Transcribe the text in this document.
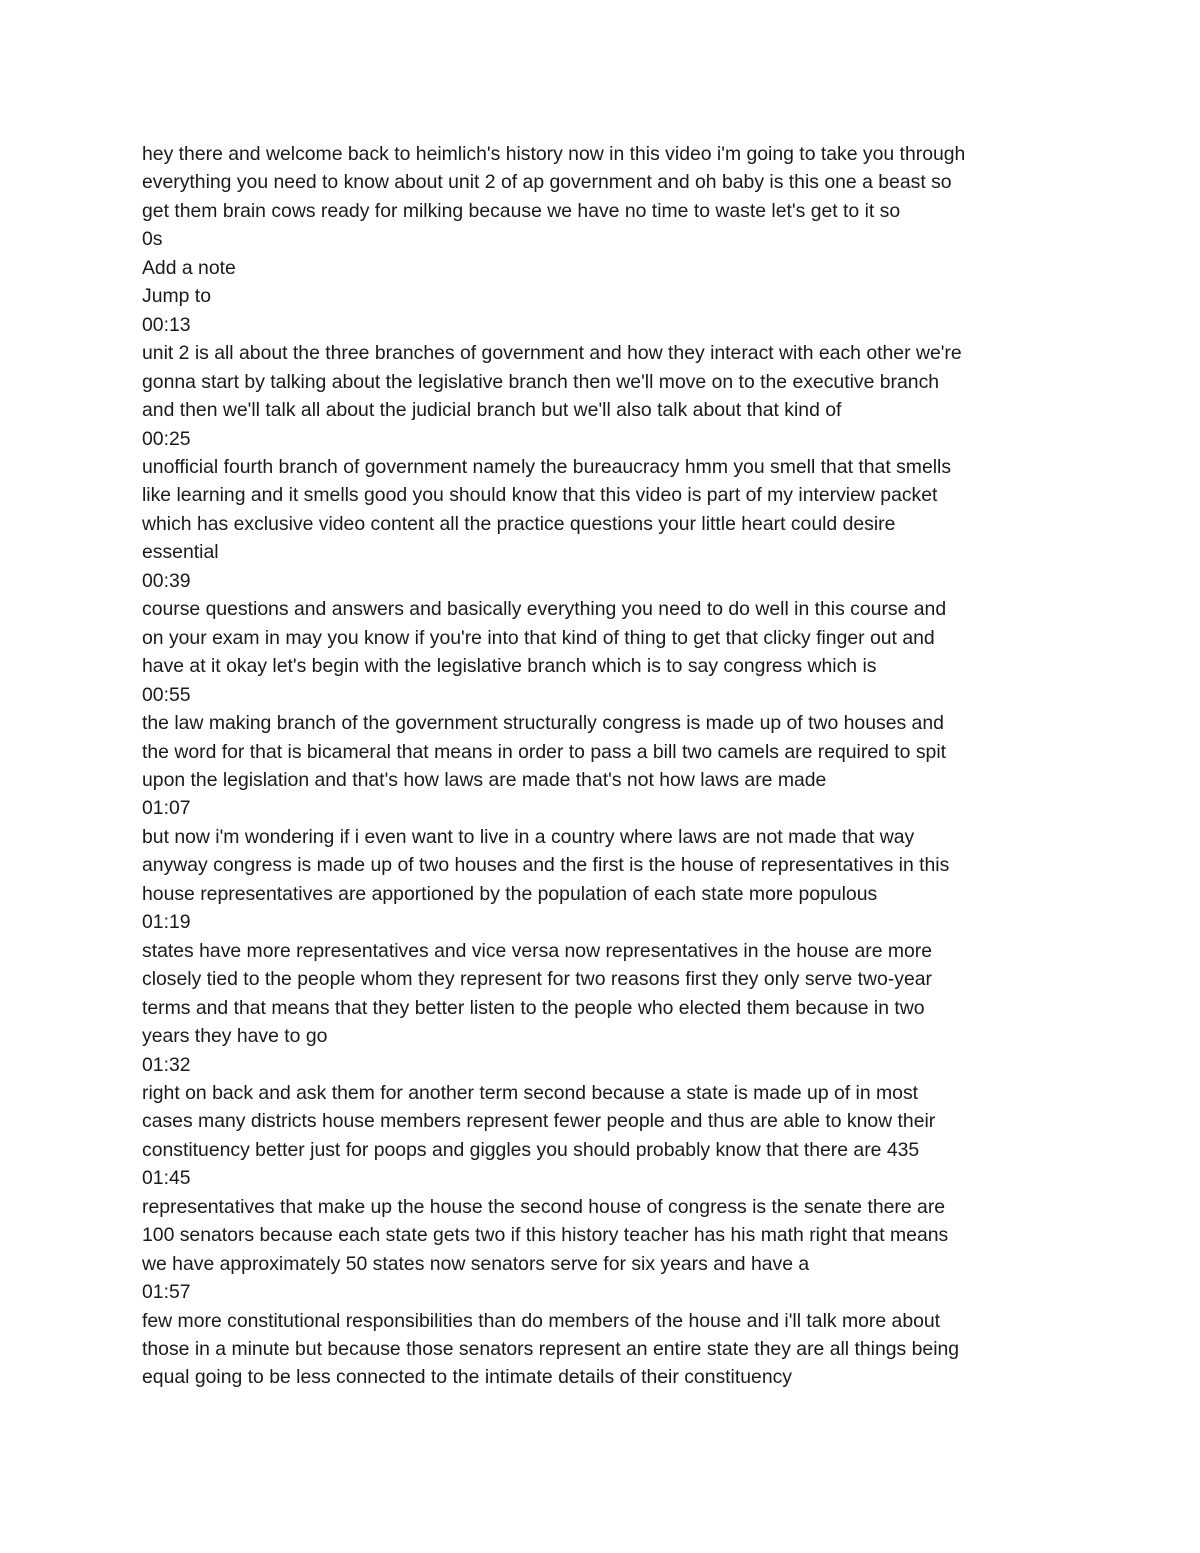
hey there and welcome back to heimlich's history now in this video i'm going to take you through
everything you need to know about unit 2 of ap government and oh baby is this one a beast so
get them brain cows ready for milking because we have no time to waste let's get to it so
0s
Add a note
Jump to
00:13
unit 2 is all about the three branches of government and how they interact with each other we're
gonna start by talking about the legislative branch then we'll move on to the executive branch
and then we'll talk all about the judicial branch but we'll also talk about that kind of
00:25
unofficial fourth branch of government namely the bureaucracy hmm you smell that that smells
like learning and it smells good you should know that this video is part of my interview packet
which has exclusive video content all the practice questions your little heart could desire
essential
00:39
course questions and answers and basically everything you need to do well in this course and
on your exam in may you know if you're into that kind of thing to get that clicky finger out and
have at it okay let's begin with the legislative branch which is to say congress which is
00:55
the law making branch of the government structurally congress is made up of two houses and
the word for that is bicameral that means in order to pass a bill two camels are required to spit
upon the legislation and that's how laws are made that's not how laws are made
01:07
but now i'm wondering if i even want to live in a country where laws are not made that way
anyway congress is made up of two houses and the first is the house of representatives in this
house representatives are apportioned by the population of each state more populous
01:19
states have more representatives and vice versa now representatives in the house are more
closely tied to the people whom they represent for two reasons first they only serve two-year
terms and that means that they better listen to the people who elected them because in two
years they have to go
01:32
right on back and ask them for another term second because a state is made up of in most
cases many districts house members represent fewer people and thus are able to know their
constituency better just for poops and giggles you should probably know that there are 435
01:45
representatives that make up the house the second house of congress is the senate there are
100 senators because each state gets two if this history teacher has his math right that means
we have approximately 50 states now senators serve for six years and have a
01:57
few more constitutional responsibilities than do members of the house and i'll talk more about
those in a minute but because those senators represent an entire state they are all things being
equal going to be less connected to the intimate details of their constituency
